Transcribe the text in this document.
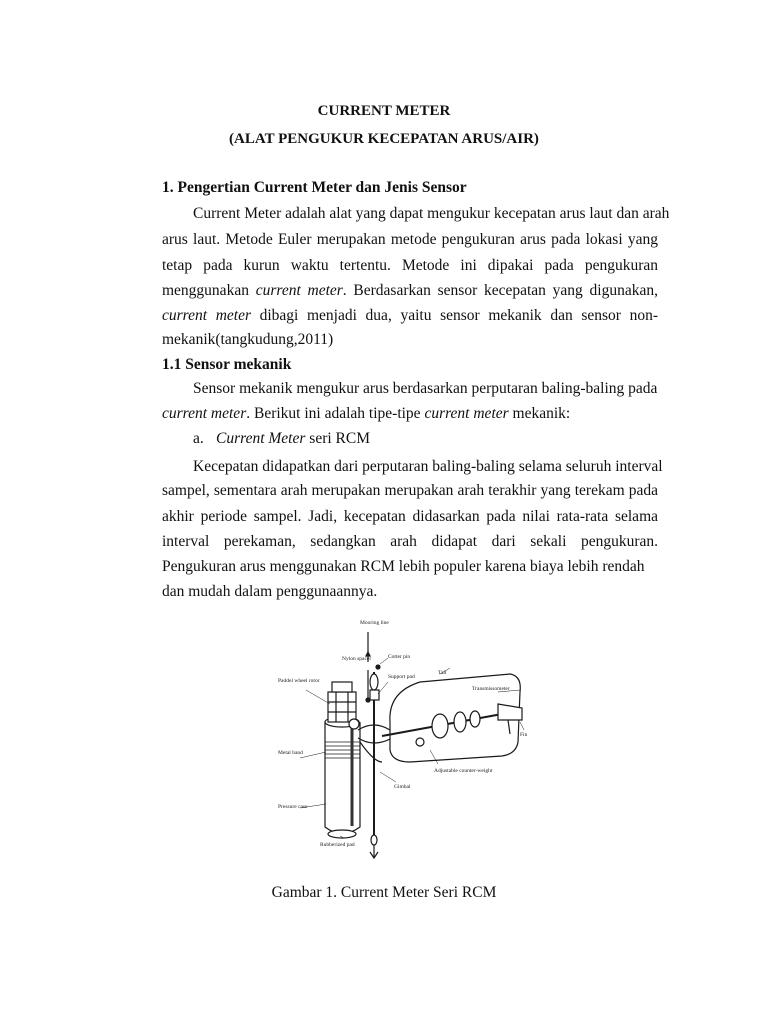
CURRENT METER
(ALAT PENGUKUR KECEPATAN ARUS/AIR)
1. Pengertian Current Meter dan Jenis Sensor
Current Meter adalah alat yang dapat mengukur kecepatan arus laut dan arah
arus laut. Metode Euler merupakan metode pengukuran arus pada lokasi yang
tetap pada kurun waktu tertentu. Metode ini dipakai pada pengukuran
menggunakan current meter. Berdasarkan sensor kecepatan yang digunakan,
current meter dibagi menjadi dua, yaitu sensor mekanik dan sensor non-
mekanik(tangkudung,2011)
1.1 Sensor mekanik
Sensor mekanik mengukur arus berdasarkan perputaran baling-baling pada
current meter. Berikut ini adalah tipe-tipe current meter mekanik:
a. Current Meter seri RCM
Kecepatan didapatkan dari perputaran baling-baling selama seluruh interval
sampel, sementara arah merupakan merupakan arah terakhir yang terekam pada
akhir periode sampel. Jadi, kecepatan didasarkan pada nilai rata-rata selama
interval perekaman, sedangkan arah didapat dari sekali pengukuran.
Pengukuran arus menggunakan RCM lebih populer karena biaya lebih rendah
dan mudah dalam penggunaannya.
Mooring line
Nylon spacer	Cotter pin
Support pad
Tail
Paddel wheel rotor
Transmissometer
Fin
Metal band
Adjustable counter-weight
Gimbal
Pressure case
Rubberized pad
Gambar 1. Current Meter Seri RCM
